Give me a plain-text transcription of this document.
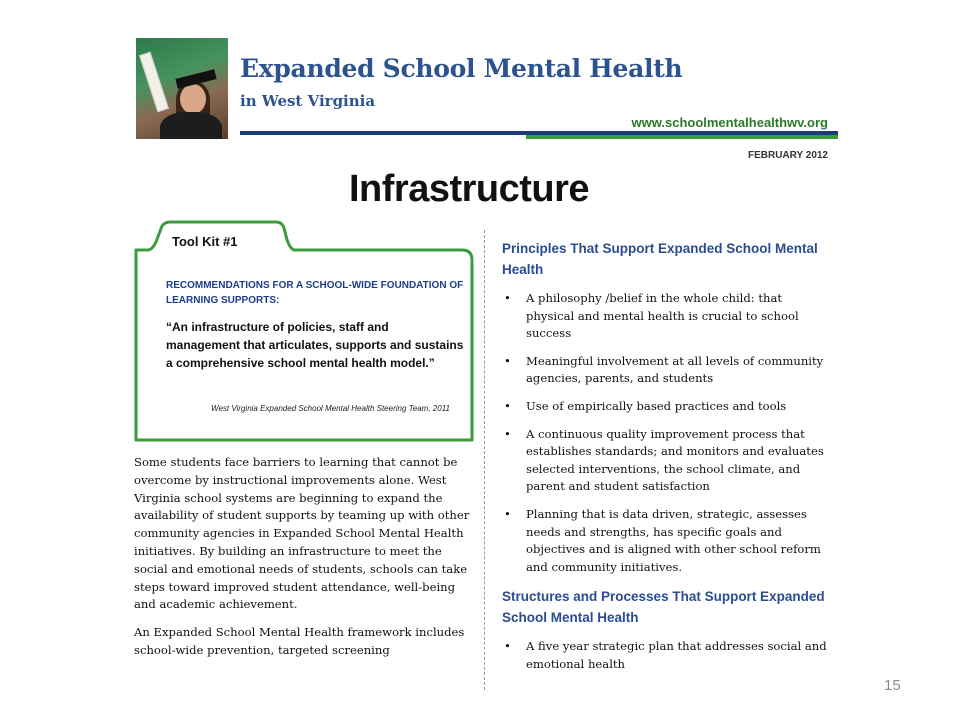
Expanded School Mental Health
in West Virginia
www.schoolmentalhealthwv.org
FEBRUARY 2012
Infrastructure
Tool Kit #1
RECOMMENDATIONS FOR A SCHOOL-WIDE FOUNDATION OF LEARNING SUPPORTS:
“An infrastructure of policies, staff and management that articulates, supports and sustains a comprehensive school mental health model.”
West Virginia Expanded School Mental Health Steering Team, 2011

Some students face barriers to learning that cannot be overcome by instructional improvements alone. West Virginia school systems are beginning to expand the availability of student supports by teaming up with other community agencies in Expanded School Mental Health initiatives. By building an infrastructure to meet the social and emotional needs of students, schools can take steps toward improved student attendance, well-being and academic achievement.

An Expanded School Mental Health framework includes school-wide prevention, targeted screening

Principles That Support Expanded School Mental Health
• A philosophy /belief in the whole child: that physical and mental health is crucial to school success
• Meaningful involvement at all levels of community agencies, parents, and students
• Use of empirically based practices and tools
• A continuous quality improvement process that establishes standards; and monitors and evaluates selected interventions, the school climate, and parent and student satisfaction
• Planning that is data driven, strategic, assesses needs and strengths, has specific goals and objectives and is aligned with other school reform and community initiatives.
Structures and Processes That Support Expanded School Mental Health
• A five year strategic plan that addresses social and emotional health
15
